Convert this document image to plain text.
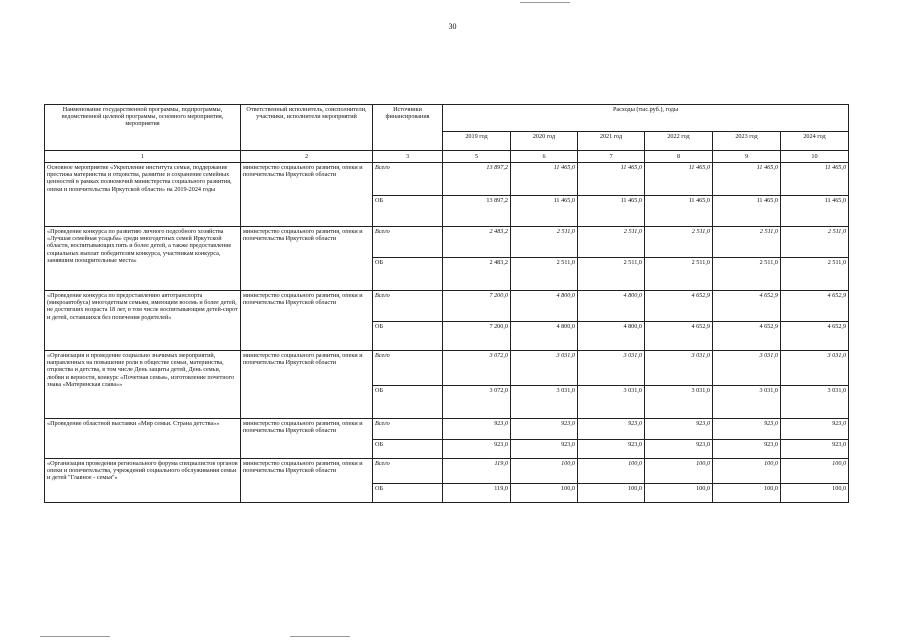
30
Наименование государственной программы, подпрограммы, ведомственной целевой программы, основного мероприятия, мероприятия	Ответственный исполнитель, соисполнители, участники, исполнители мероприятий	Источники финансирования	Расходы (тыс.руб.), годы					
			2019 год	2020 год	2021 год	2022 год	2023 год	2024 год
1	2	3	5	6	7	8	9	10
Основное мероприятие «Укрепление института семьи, поддержание престижа материнства и отцовства, развитие и сохранение семейных ценностей в рамках полномочий министерства социального развития, опеки и попечительства Иркутской области» на 2019-2024 годы	министерство социального развития, опеки и попечительства Иркутской области	Всего	13 897,2	11 465,0	11 465,0	11 465,0	11 465,0	11 465,0
		ОБ	13 897,2	11 465,0	11 465,0	11 465,0	11 465,0	11 465,0
«Проведение конкурса по развитию личного подсобного хозяйства «Лучшая семейная усадьба» среди многодетных семей Иркутской области, воспитывающих пять и более детей, а также предоставление социальных выплат победителям конкурса, участникам конкурса, занявшим поощрительные места»	министерство социального развития, опеки и попечительства Иркутской области	Всего	2 483,2	2 511,0	2 511,0	2 511,0	2 511,0	2 511,0
		ОБ	2 483,2	2 511,0	2 511,0	2 511,0	2 511,0	2 511,0
«Проведение конкурса по предоставлению автотранспорта (микроавтобуса) многодетным семьям, имеющим восемь и более детей, не достигших возраста 18 лет, в том числе воспитывающим детей-сирот и детей, оставшихся без попечения родителей»	министерство социального развития, опеки и попечительства Иркутской области	Всего	7 200,0	4 800,0	4 800,0	4 652,9	4 652,9	4 652,9
		ОБ	7 200,0	4 800,0	4 800,0	4 652,9	4 652,9	4 652,9
«Организация и проведение социально значимых мероприятий, направленных на повышение роли в обществе семьи, материнства, отцовства и детства, в том числе День защиты детей, День семьи, любви и верности, конкурс «Почетная семья», изготовление почетного знака «Материнская слава»»	министерство социального развития, опеки и попечительства Иркутской области	Всего	3 072,0	3 031,0	3 031,0	3 031,0	3 031,0	3 031,0
		ОБ	3 072,0	3 031,0	3 031,0	3 031,0	3 031,0	3 031,0
«Проведение областной выставки «Мир семьи. Страна детства»»	министерство социального развития, опеки и попечительства Иркутской области	Всего	923,0	923,0	923,0	923,0	923,0	923,0
		ОБ	923,0	923,0	923,0	923,0	923,0	923,0
«Организация проведения регионального форума специалистов органов опеки и попечительства, учреждений социального обслуживания семьи и детей "Главное - семья"»	министерство социального развития, опеки и попечительства Иркутской области	Всего	119,0	100,0	100,0	100,0	100,0	100,0
		ОБ	119,0	100,0	100,0	100,0	100,0	100,0
